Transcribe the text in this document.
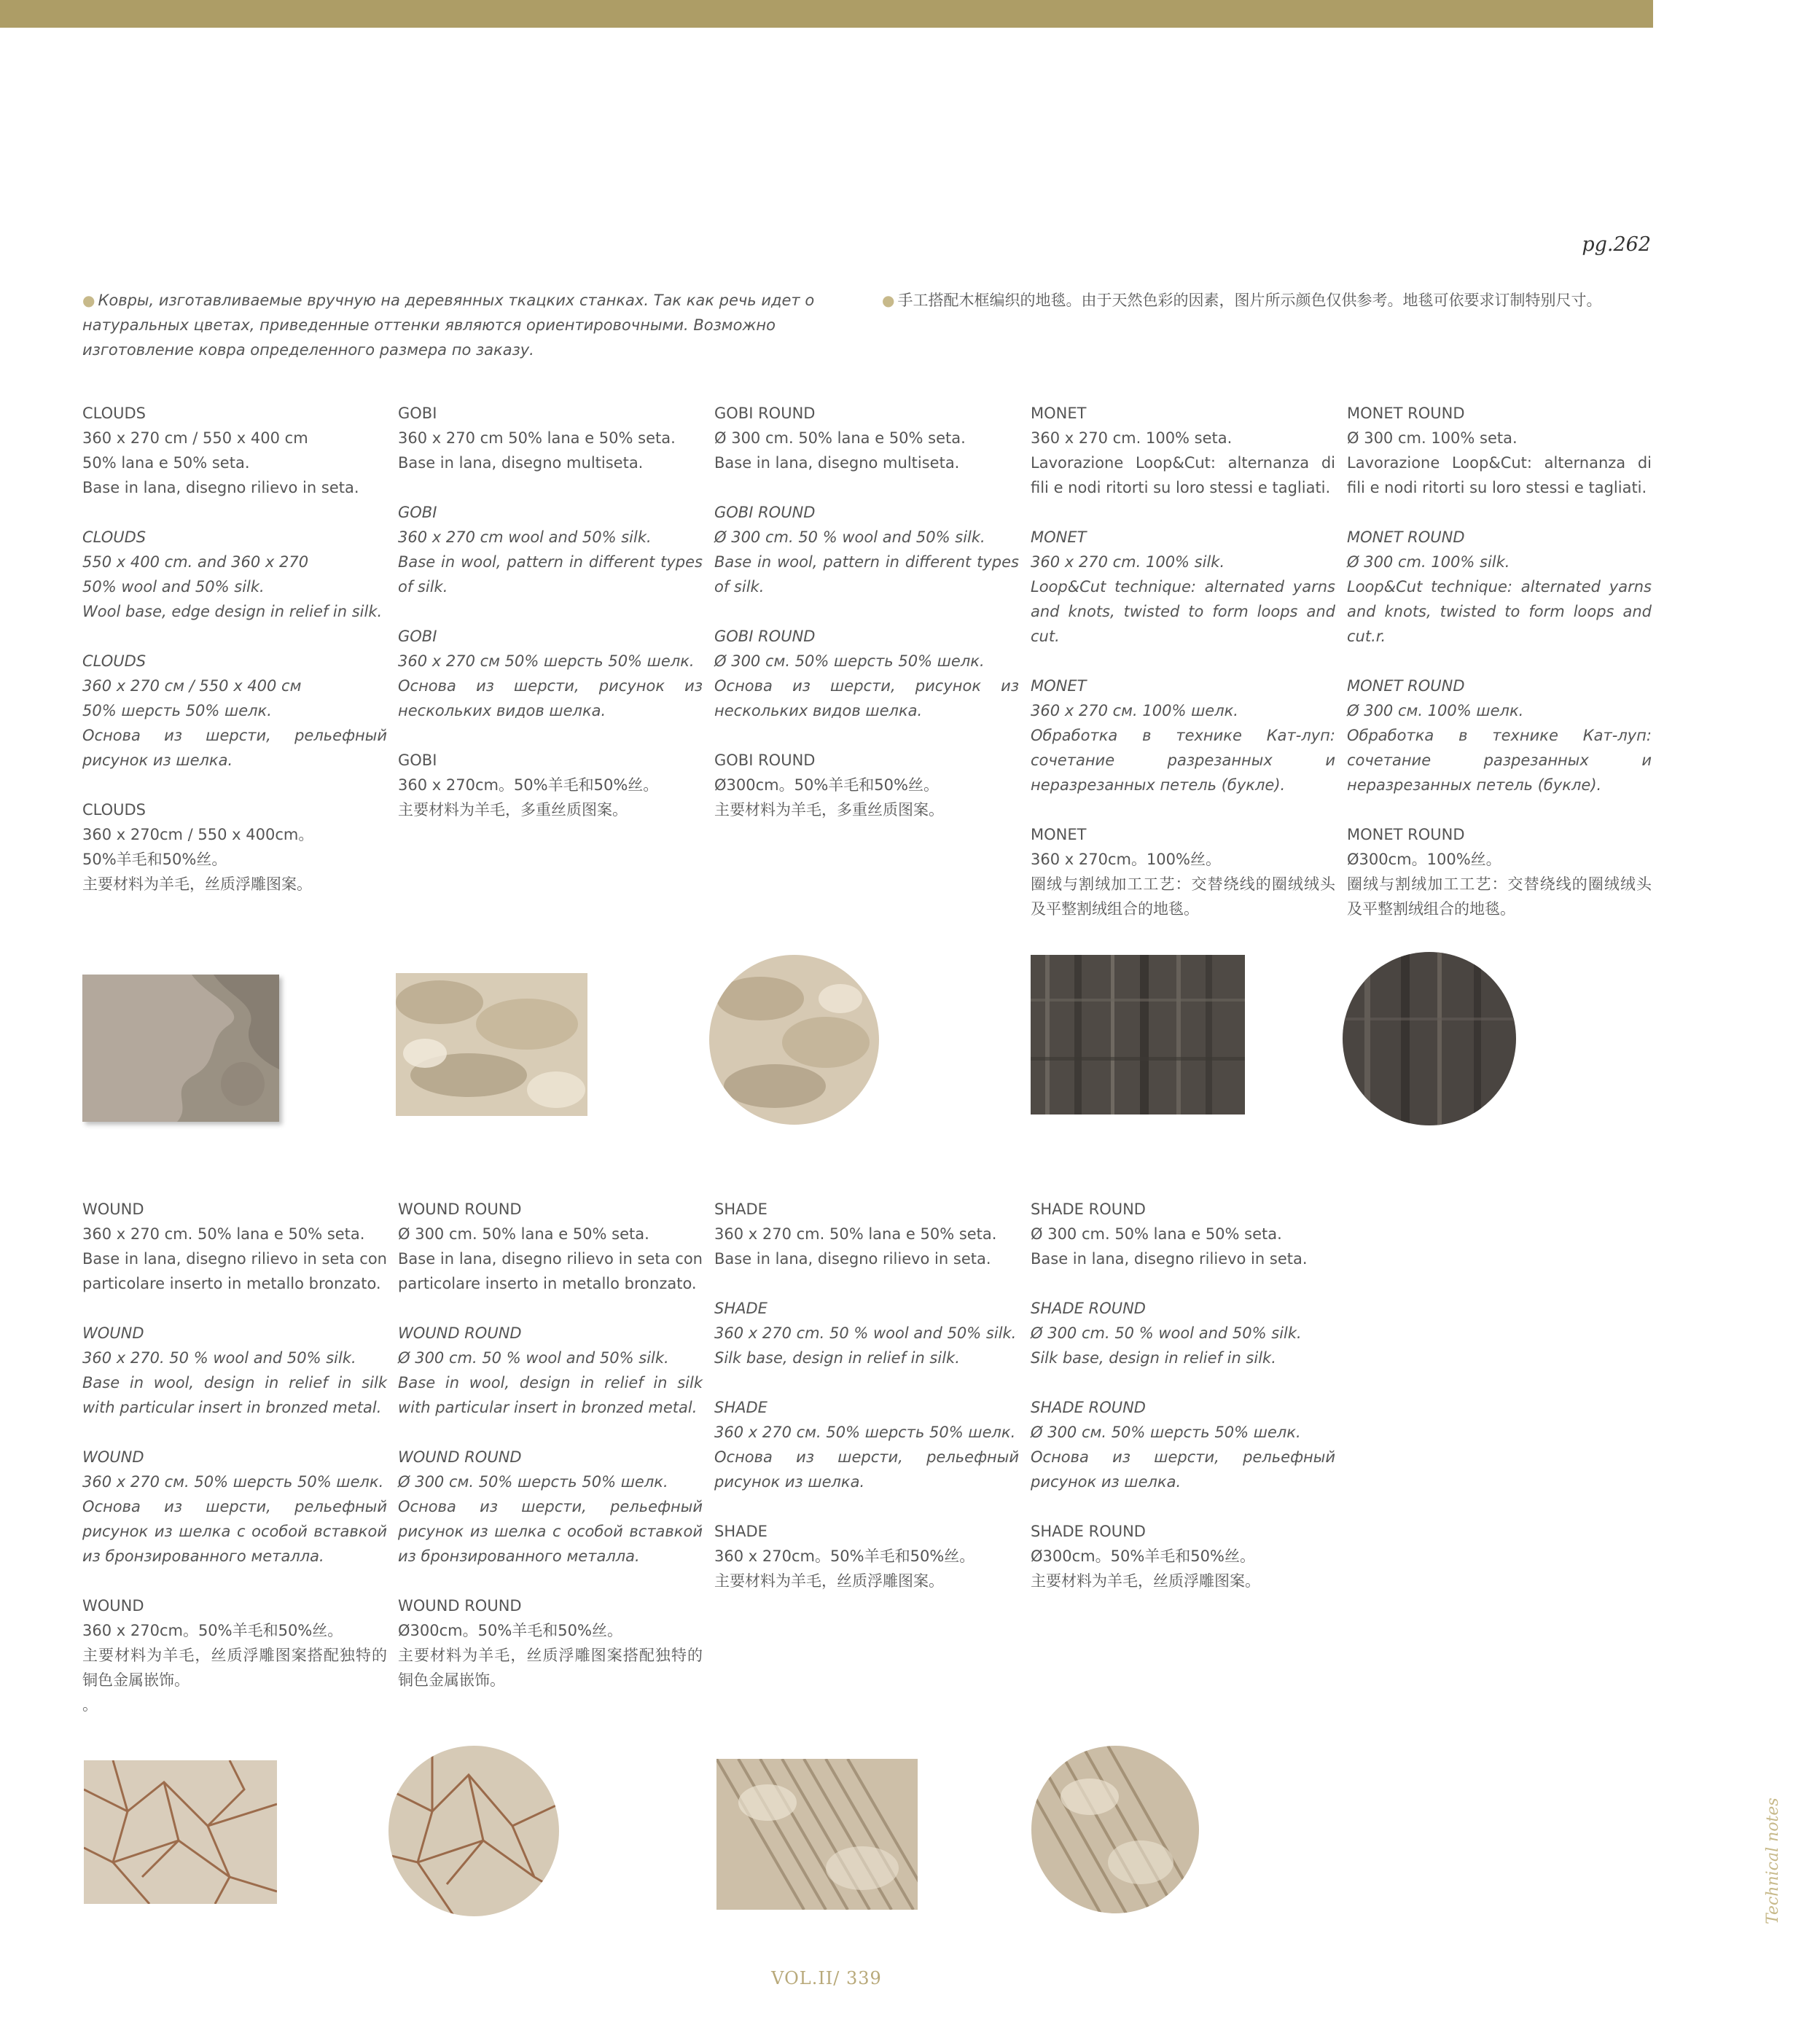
pg.262
● Ковры, изготавливаемые вручную на деревянных ткацких станках. Так как речь идет о натуральных цветах, приведенные оттенки являются ориентировочными. Возможно изготовление ковра определенного размера по заказу.
● 手工搭配木框编织的地毯。由于天然色彩的因素，图片所示颜色仅供参考。地毯可依要求订制特别尺寸。
CLOUDS
360 x 270 cm / 550 x 400 cm
50% lana e 50% seta.
Base in lana, disegno rilievo in seta.
CLOUDS
550 x 400 cm. and 360 x 270
50% wool and 50% silk.
Wool base, edge design in relief in silk.
CLOUDS
360 x 270 см / 550 x 400 см
50% шерсть 50% шелк.
Основа из шерсти, рельефный рисунок из шелка.
CLOUDS
360 x 270cm / 550 x 400cm。
50%羊毛和50%丝。
主要材料为羊毛，丝质浮雕图案。
GOBI
360 x 270 cm 50% lana e 50% seta.
Base in lana, disegno multiseta.
GOBI
360 x 270 cm wool and 50% silk.
Base in wool, pattern in different types of silk.
GOBI
360 x 270 см 50% шерсть 50% шелк.
Основа из шерсти, рисунок из нескольких видов шелка.
GOBI
360 x 270cm。50%羊毛和50%丝。
主要材料为羊毛，多重丝质图案。
GOBI ROUND
Ø 300 cm. 50% lana e 50% seta.
Base in lana, disegno multiseta.
GOBI ROUND
Ø 300 cm. 50 % wool and 50% silk.
Base in wool, pattern in different types of silk.
GOBI ROUND
Ø 300 см. 50% шерсть 50% шелк.
Основа из шерсти, рисунок из нескольких видов шелка.
GOBI ROUND
Ø300cm。50%羊毛和50%丝。
主要材料为羊毛，多重丝质图案。
MONET
360 x 270 cm. 100% seta.
Lavorazione Loop&Cut: alternanza di fili e nodi ritorti su loro stessi e tagliati.
MONET
360 x 270 cm. 100% silk.
Loop&Cut technique: alternated yarns and knots, twisted to form loops and cut.
MONET
360 x 270 см. 100% шелк.
Обработка в технике Кат-луп: сочетание разрезанных и неразрезанных петель (букле).
MONET
360 x 270cm。100%丝。
圈绒与割绒加工工艺：交替绕线的圈绒绒头及平整割绒组合的地毯。
MONET ROUND
Ø 300 cm. 100% seta.
Lavorazione Loop&Cut: alternanza di fili e nodi ritorti su loro stessi e tagliati.
MONET ROUND
Ø 300 cm. 100% silk.
Loop&Cut technique: alternated yarns and knots, twisted to form loops and cut.r.
MONET ROUND
Ø 300 см. 100% шелк.
Обработка в технике Кат-луп: сочетание разрезанных и неразрезанных петель (букле).
MONET ROUND
Ø300cm。100%丝。
圈绒与割绒加工工艺：交替绕线的圈绒绒头及平整割绒组合的地毯。
WOUND
360 x 270 cm. 50% lana e 50% seta.
Base in lana, disegno rilievo in seta con particolare inserto in metallo bronzato.
WOUND
360 x 270. 50 % wool and 50% silk.
Base in wool, design in relief in silk with particular insert in bronzed metal.
WOUND
360 x 270 см. 50% шерсть 50% шелк.
Основа из шерсти, рельефный рисунок из шелка с особой вставкой из бронзированного металла.
WOUND
360 x 270cm。50%羊毛和50%丝。
主要材料为羊毛，丝质浮雕图案搭配独特的铜色金属嵌饰。
。
WOUND ROUND
Ø 300 cm. 50% lana e 50% seta.
Base in lana, disegno rilievo in seta con particolare inserto in metallo bronzato.
WOUND ROUND
Ø 300 cm. 50 % wool and 50% silk.
Base in wool, design in relief in silk with particular insert in bronzed metal.
WOUND ROUND
Ø 300 см. 50% шерсть 50% шелк.
Основа из шерсти, рельефный рисунок из шелка с особой вставкой из бронзированного металла.
WOUND ROUND
Ø300cm。50%羊毛和50%丝。
主要材料为羊毛，丝质浮雕图案搭配独特的铜色金属嵌饰。
SHADE
360 x 270 cm. 50% lana e 50% seta.
Base in lana, disegno rilievo in seta.
SHADE
360 x 270 cm. 50 % wool and 50% silk.
Silk base, design in relief in silk.
SHADE
360 x 270 см. 50% шерсть 50% шелк.
Основа из шерсти, рельефный рисунок из шелка.
SHADE
360 x 270cm。50%羊毛和50%丝。
主要材料为羊毛，丝质浮雕图案。
SHADE ROUND
Ø 300 cm. 50% lana e 50% seta.
Base in lana, disegno rilievo in seta.
SHADE ROUND
Ø 300 cm. 50 % wool and 50% silk.
Silk base, design in relief in silk.
SHADE ROUND
Ø 300 см. 50% шерсть 50% шелк.
Основа из шерсти, рельефный рисунок из шелка.
SHADE ROUND
Ø300cm。50%羊毛和50%丝。
主要材料为羊毛，丝质浮雕图案。
Technical notes
VOL.II/ 339
